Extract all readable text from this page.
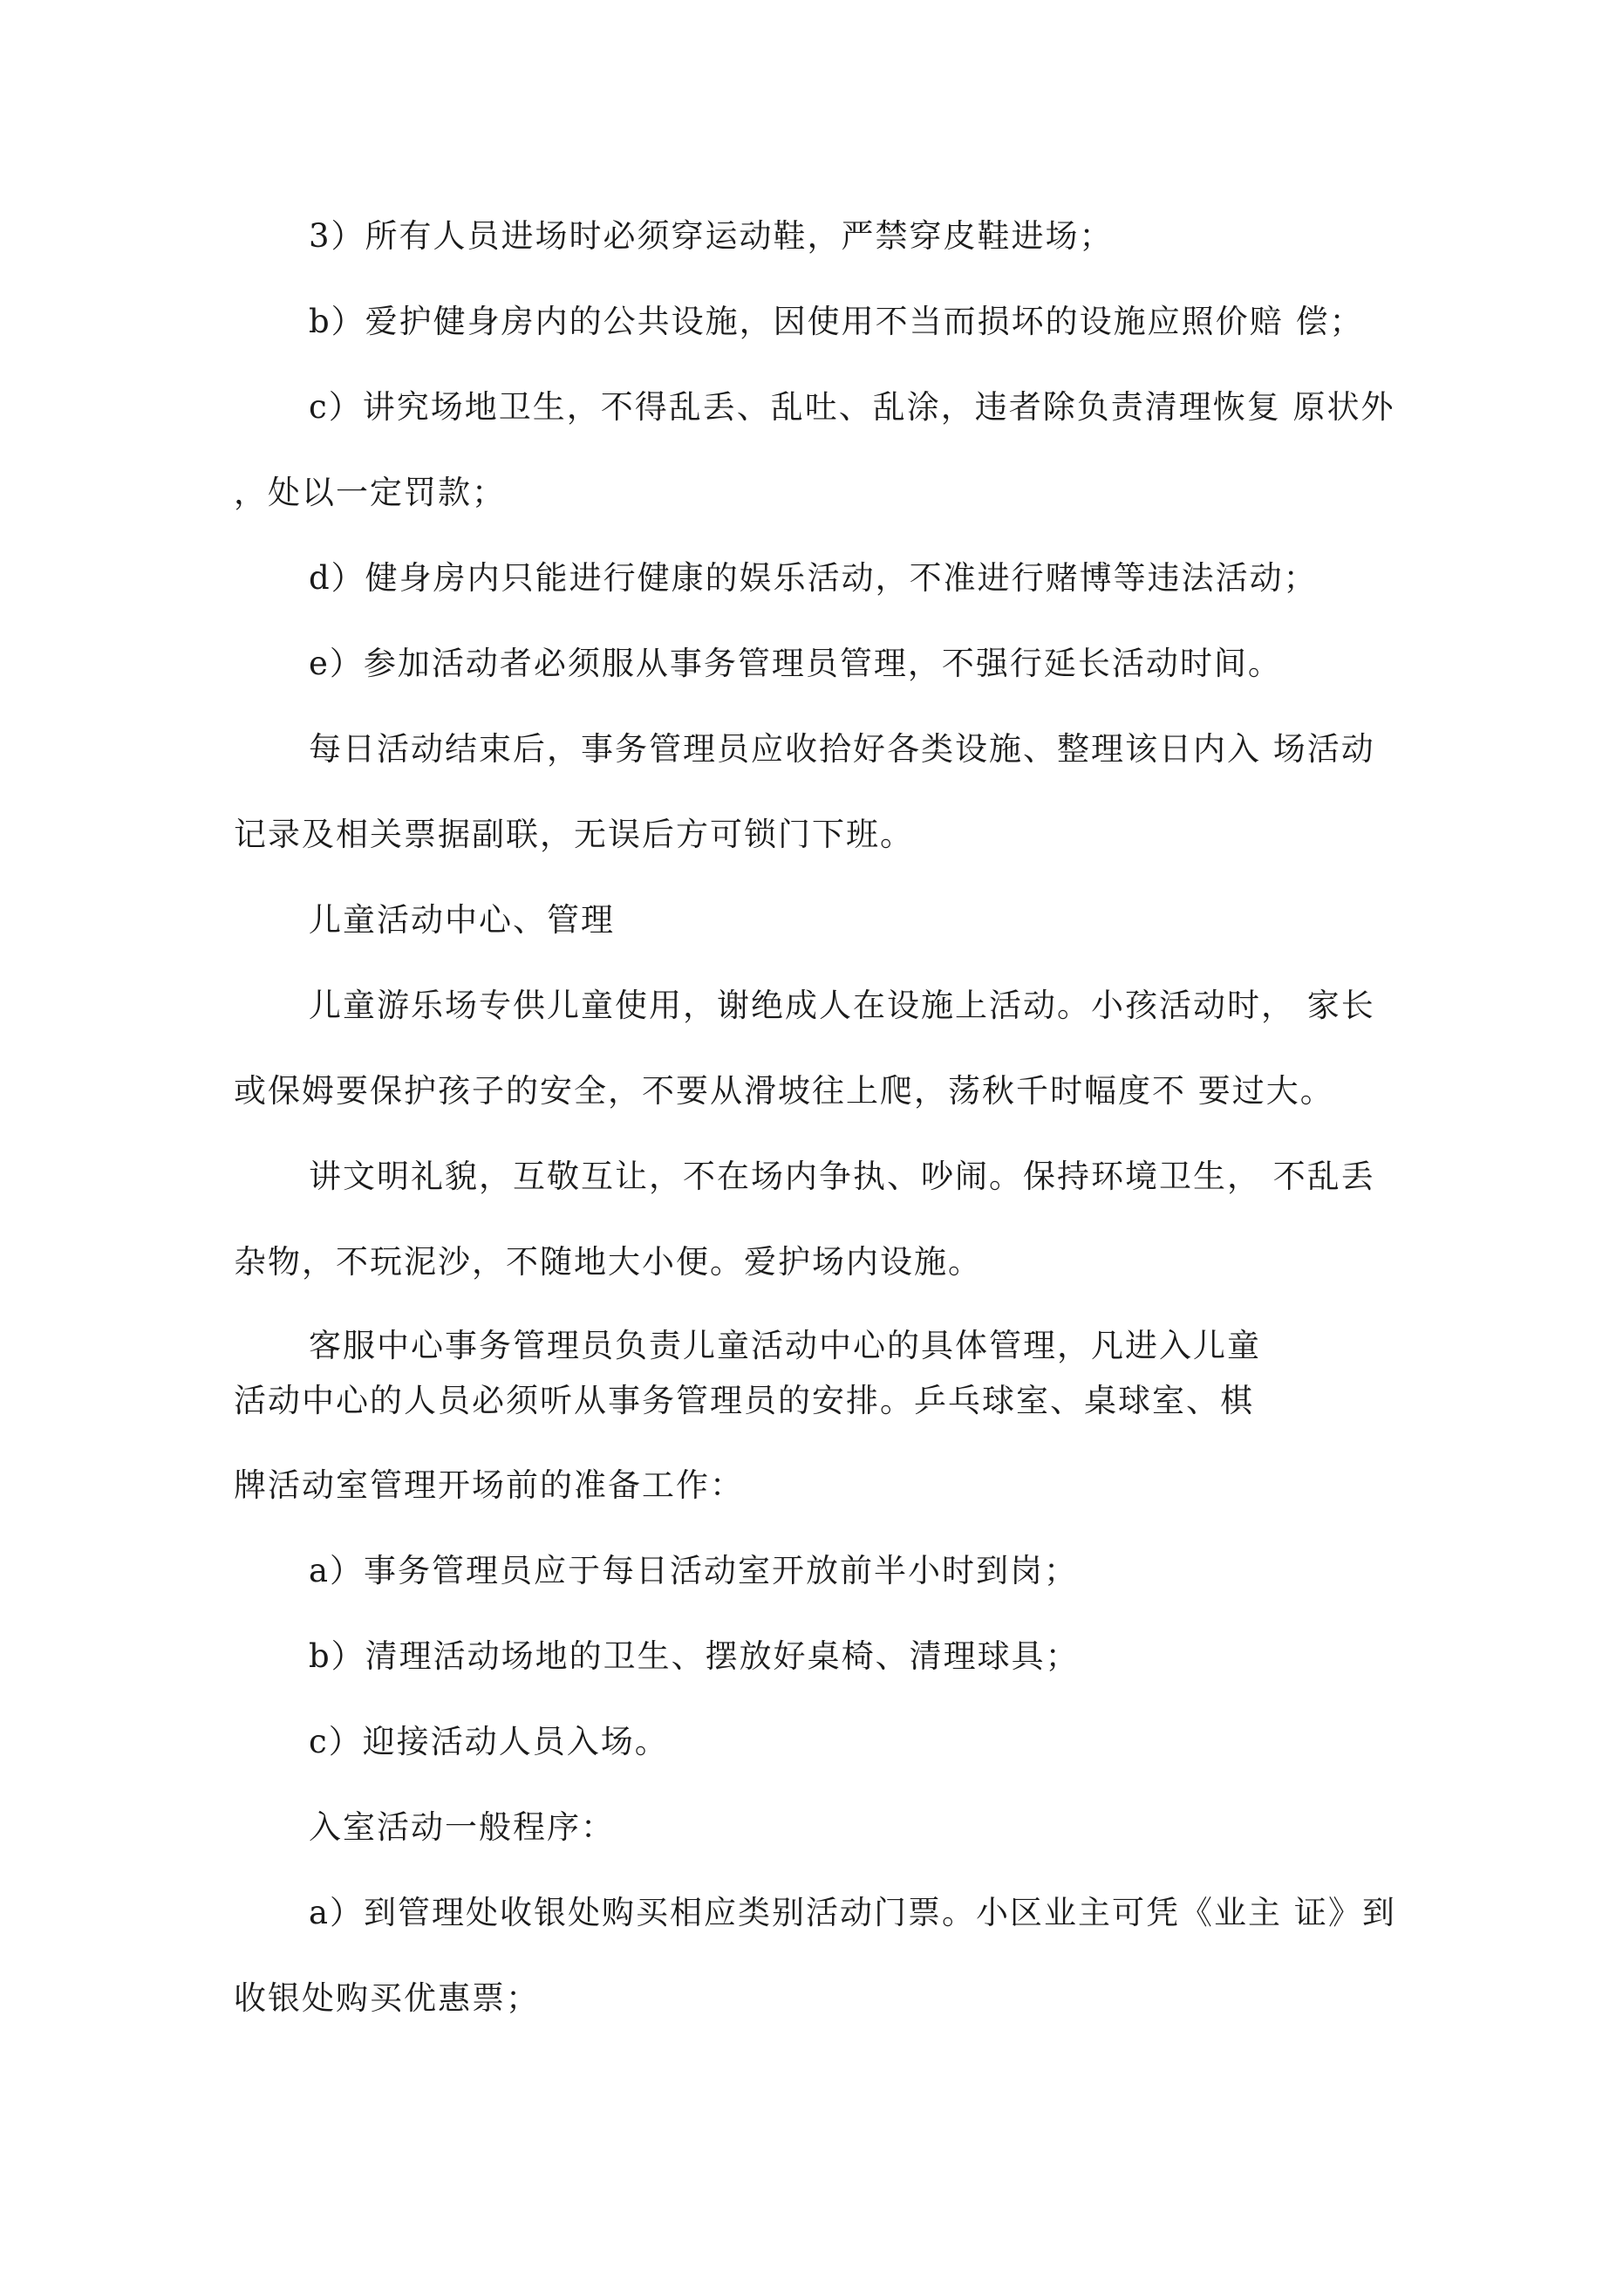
3）所有人员进场时必须穿运动鞋，严禁穿皮鞋进场；

b）爱护健身房内的公共设施，因使用不当而损坏的设施应照价赔 偿；

c）讲究场地卫生，不得乱丢、乱吐、乱涂，违者除负责清理恢复 原状外

，处以一定罚款；

d）健身房内只能进行健康的娱乐活动，不准进行赌博等违法活动；

e）参加活动者必须服从事务管理员管理，不强行延长活动时间。

每日活动结束后，事务管理员应收拾好各类设施、整理该日内入 场活动

记录及相关票据副联，无误后方可锁门下班。

儿童活动中心、管理

儿童游乐场专供儿童使用，谢绝成人在设施上活动。小孩活动时， 家长

或保姆要保护孩子的安全，不要从滑坡往上爬，荡秋千时幅度不 要过大。

讲文明礼貌，互敬互让，不在场内争执、吵闹。保持环境卫生， 不乱丢

杂物，不玩泥沙，不随地大小便。爱护场内设施。

客服中心事务管理员负责儿童活动中心的具体管理，凡进入儿童

活动中心的人员必须听从事务管理员的安排。乒乓球室、桌球室、棋

牌活动室管理开场前的准备工作：

a）事务管理员应于每日活动室开放前半小时到岗；

b）清理活动场地的卫生、摆放好桌椅、清理球具；

c）迎接活动人员入场。

入室活动一般程序：

a）到管理处收银处购买相应类别活动门票。小区业主可凭《业主 证》到

收银处购买优惠票；
